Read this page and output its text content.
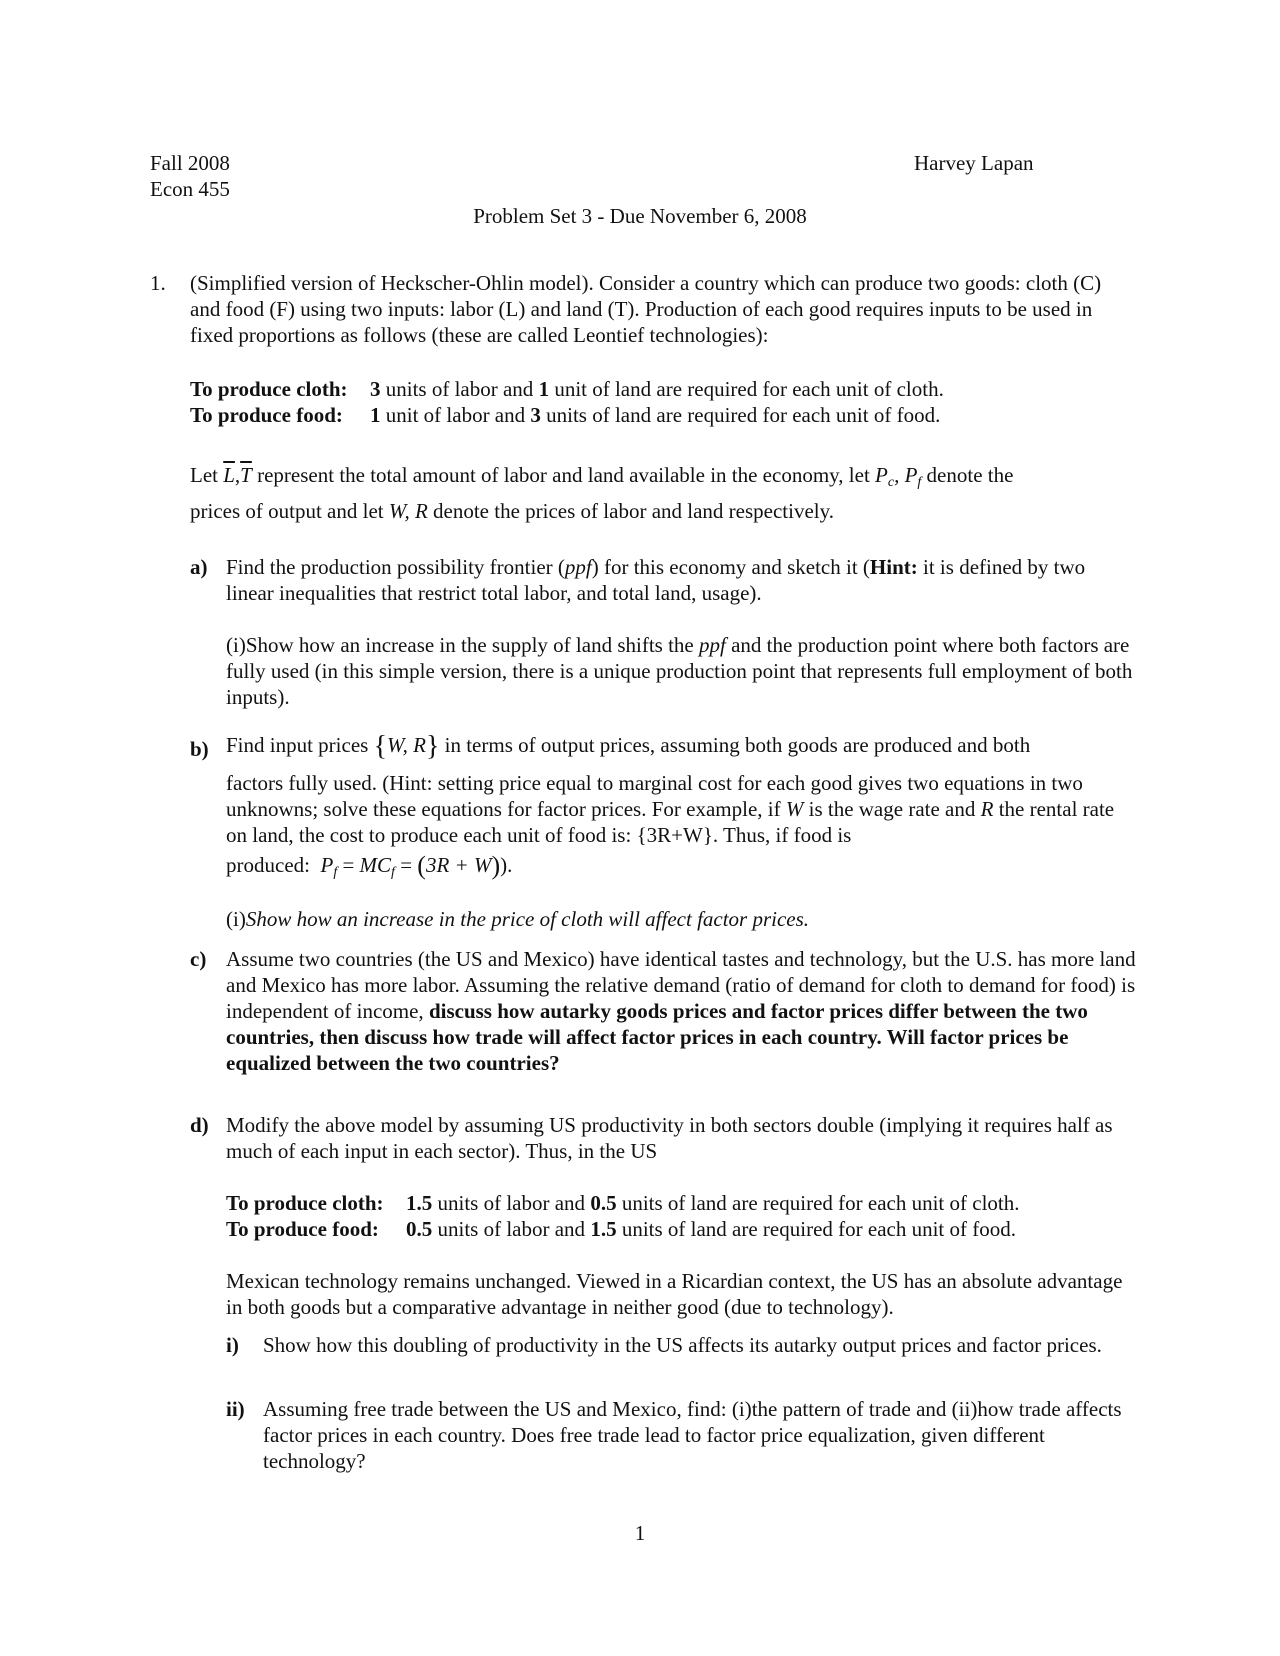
Fall 2008
Econ 455
Harvey Lapan
Problem Set 3 - Due November 6, 2008
1. (Simplified version of Heckscher-Ohlin model). Consider a country which can produce two goods: cloth (C) and food (F) using two inputs: labor (L) and land (T). Production of each good requires inputs to be used in fixed proportions as follows (these are called Leontief technologies):
To produce cloth:	3 units of labor and 1 unit of land are required for each unit of cloth.
To produce food:	1 unit of labor and 3 units of land are required for each unit of food.
Let $\overline{L},\overline{T}$ represent the total amount of labor and land available in the economy, let $P_c$, $P_f$ denote the
prices of output and let W, R denote the prices of labor and land respectively.
a) Find the production possibility frontier (ppf) for this economy and sketch it (Hint: it is defined by two linear inequalities that restrict total labor, and total land, usage).
(i)Show how an increase in the supply of land shifts the ppf and the production point where both factors are fully used (in this simple version, there is a unique production point that represents full employment of both inputs).
b) Find input prices {W, R} in terms of output prices, assuming both goods are produced and both
factors fully used. (Hint: setting price equal to marginal cost for each good gives two equations in two unknowns; solve these equations for factor prices. For example, if W is the wage rate and R the rental rate on land, the cost to produce each unit of food is: {3R+W}. Thus, if food is
produced: $P_f = MC_f = (3R + W)$).
(i)Show how an increase in the price of cloth will affect factor prices.
c) Assume two countries (the US and Mexico) have identical tastes and technology, but the U.S. has more land and Mexico has more labor. Assuming the relative demand (ratio of demand for cloth to demand for food) is independent of income, discuss how autarky goods prices and factor prices differ between the two countries, then discuss how trade will affect factor prices in each country. Will factor prices be equalized between the two countries?
d) Modify the above model by assuming US productivity in both sectors double (implying it requires half as much of each input in each sector). Thus, in the US
To produce cloth:	1.5 units of labor and 0.5 units of land are required for each unit of cloth.
To produce food:	0.5 units of labor and 1.5 units of land are required for each unit of food.
Mexican technology remains unchanged. Viewed in a Ricardian context, the US has an absolute advantage in both goods but a comparative advantage in neither good (due to technology).
i) Show how this doubling of productivity in the US affects its autarky output prices and factor prices.
ii) Assuming free trade between the US and Mexico, find: (i)the pattern of trade and (ii)how trade affects factor prices in each country. Does free trade lead to factor price equalization, given different technology?
1
